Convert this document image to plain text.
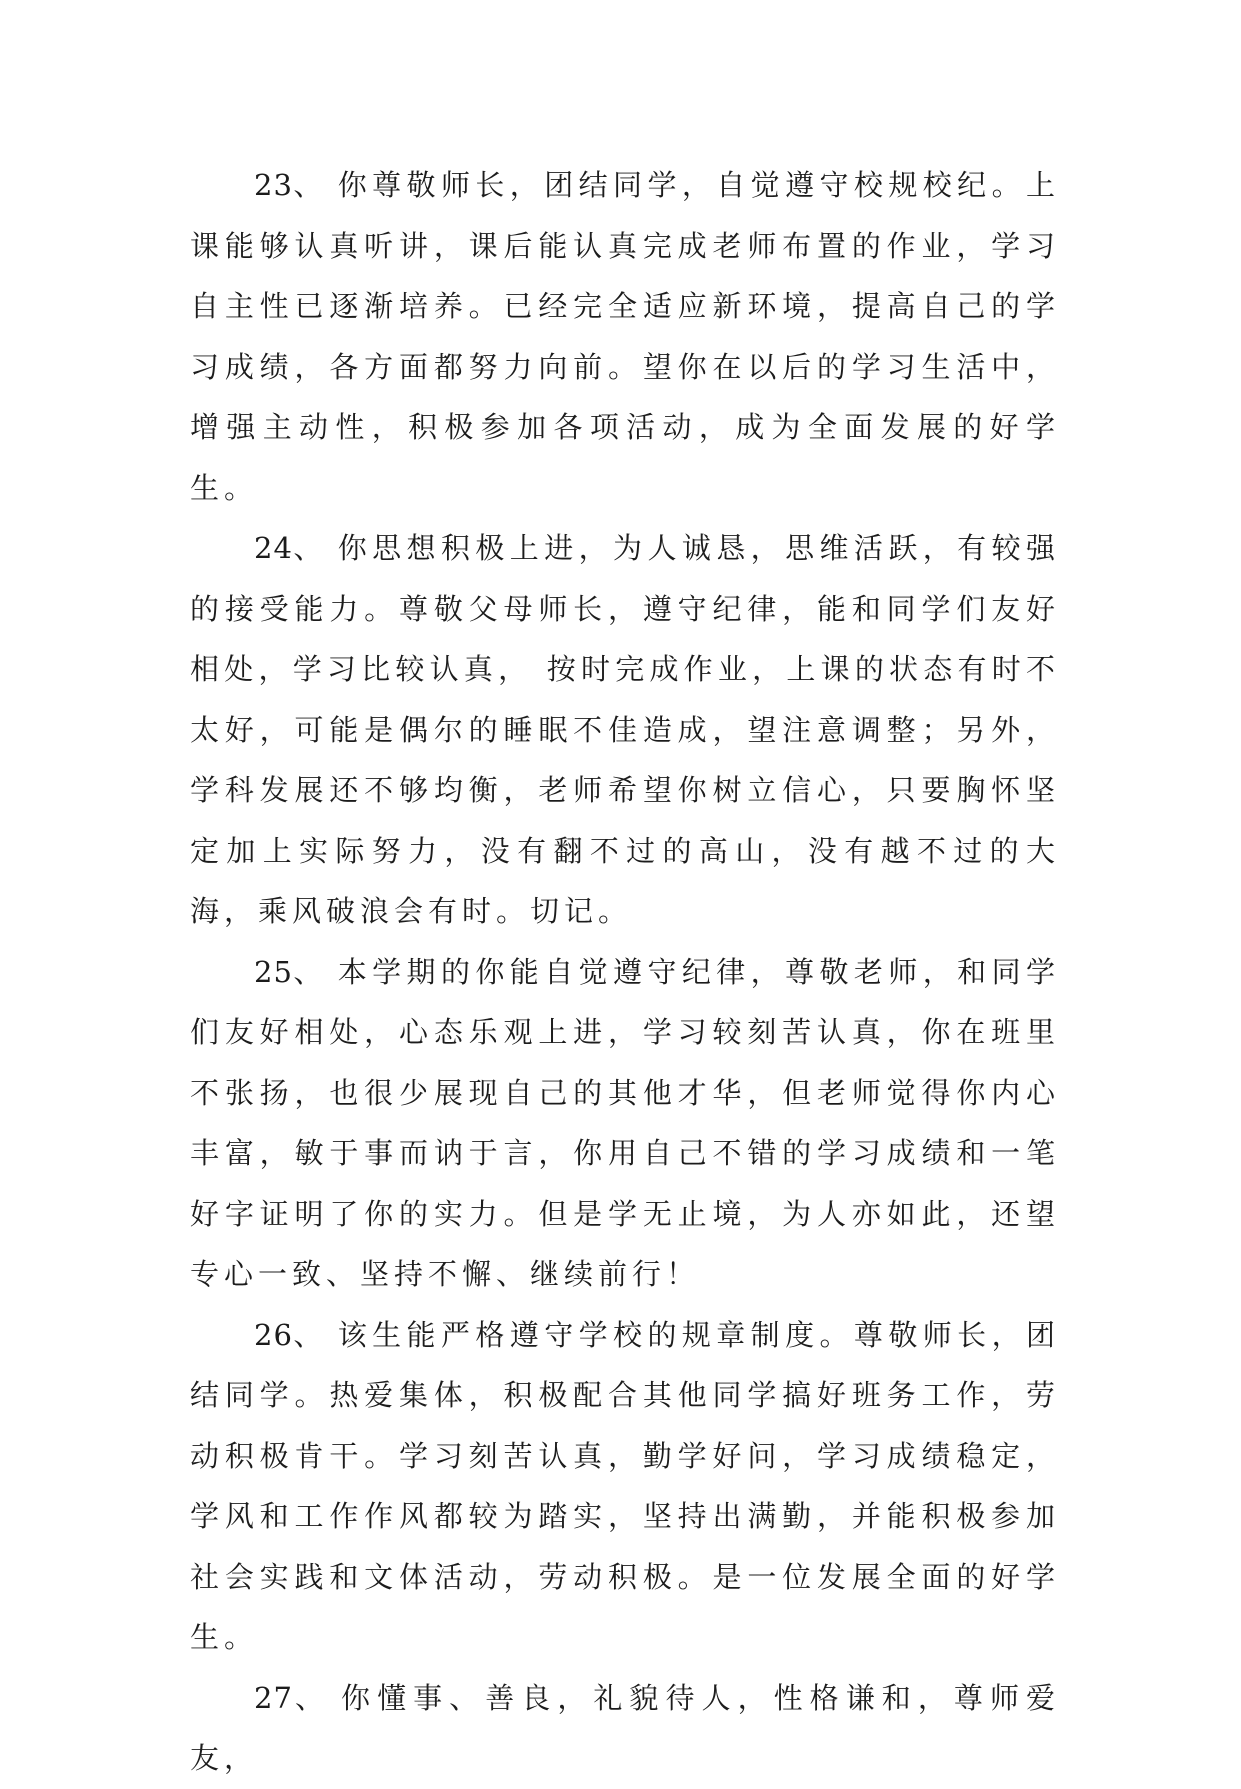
23、 你尊敬师长，团结同学，自觉遵守校规校纪。上课能够认真听讲，课后能认真完成老师布置的作业，学习自主性已逐渐培养。已经完全适应新环境，提高自己的学习成绩，各方面都努力向前。望你在以后的学习生活中，增强主动性，积极参加各项活动，成为全面发展的好学生。

24、 你思想积极上进，为人诚恳，思维活跃，有较强的接受能力。尊敬父母师长，遵守纪律，能和同学们友好相处，学习比较认真， 按时完成作业，上课的状态有时不太好，可能是偶尔的睡眠不佳造成，望注意调整；另外，学科发展还不够均衡，老师希望你树立信心，只要胸怀坚定加上实际努力，没有翻不过的高山，没有越不过的大海，乘风破浪会有时。切记。

25、 本学期的你能自觉遵守纪律，尊敬老师，和同学们友好相处，心态乐观上进，学习较刻苦认真，你在班里不张扬，也很少展现自己的其他才华，但老师觉得你内心丰富，敏于事而讷于言，你用自己不错的学习成绩和一笔好字证明了你的实力。但是学无止境，为人亦如此，还望专心一致、坚持不懈、继续前行！

26、 该生能严格遵守学校的规章制度。尊敬师长，团结同学。热爱集体，积极配合其他同学搞好班务工作，劳动积极肯干。学习刻苦认真，勤学好问，学习成绩稳定，学风和工作作风都较为踏实，坚持出满勤，并能积极参加社会实践和文体活动，劳动积极。是一位发展全面的好学生。

27、 你懂事、善良，礼貌待人，性格谦和，尊师爱友，
